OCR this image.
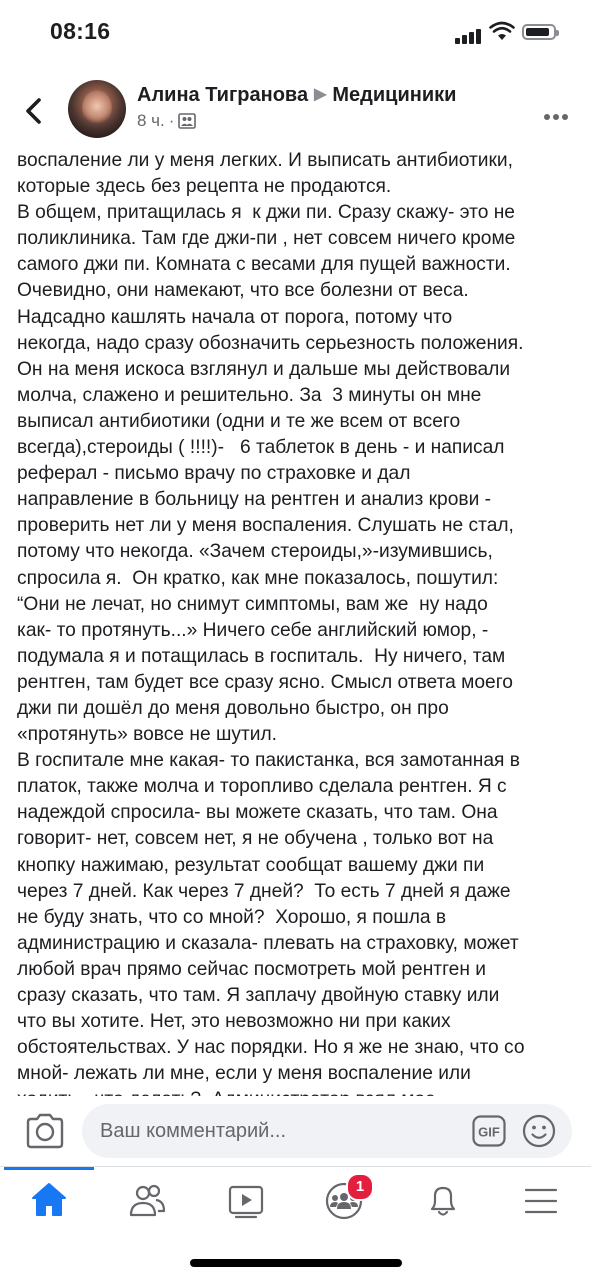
08:16
Алина Тигранова ▶ Медициники
8 ч. ·

воспаление ли у меня легких. И выписать антибиотики,
которые здесь без рецепта не продаются.
В общем, притащилась я  к джи пи. Сразу скажу- это не
поликлиника. Там где джи-пи , нет совсем ничего кроме
самого джи пи. Комната с весами для пущей важности.
Очевидно, они намекают, что все болезни от веса.
Надсадно кашлять начала от порога, потому что
некогда, надо сразу обозначить серьезность положения.
Он на меня искоса взглянул и дальше мы действовали
молча, слажено и решительно. За  3 минуты он мне
выписал антибиотики (одни и те же всем от всего
всегда),стероиды ( !!!!)-   6 таблеток в день - и написал
реферал - письмо врачу по страховке и дал
направление в больницу на рентген и анализ крови -
проверить нет ли у меня воспаления. Слушать не стал,
потому что некогда. «Зачем стероиды,»-изумившись,
спросила я.  Он кратко, как мне показалось, пошутил:
“Они не лечат, но снимут симптомы, вам же  ну надо
как- то протянуть...» Ничего себе английский юмор, -
подумала я и потащилась в госпиталь.  Ну ничего, там
рентген, там будет все сразу ясно. Смысл ответа моего
джи пи дошёл до меня довольно быстро, он про
«протянуть» вовсе не шутил.
В госпитале мне какая- то пакистанка, вся замотанная в
платок, также молча и торопливо сделала рентген. Я с
надеждой спросила- вы можете сказать, что там. Она
говорит- нет, совсем нет, я не обучена , только вот на
кнопку нажимаю, результат сообщат вашему джи пи
через 7 дней. Как через 7 дней?  То есть 7 дней я даже
не буду знать, что со мной?  Хорошо, я пошла в
администрацию и сказала- плевать на страховку, может
любой врач прямо сейчас посмотреть мой рентген и
сразу сказать, что там. Я заплачу двойную ставку или
что вы хотите. Нет, это невозможно ни при каких
обстоятельствах. У нас порядки. Но я же не знаю, что со
мной- лежать ли мне, если у меня воспаление или

Ваш комментарий...	GIF
1
